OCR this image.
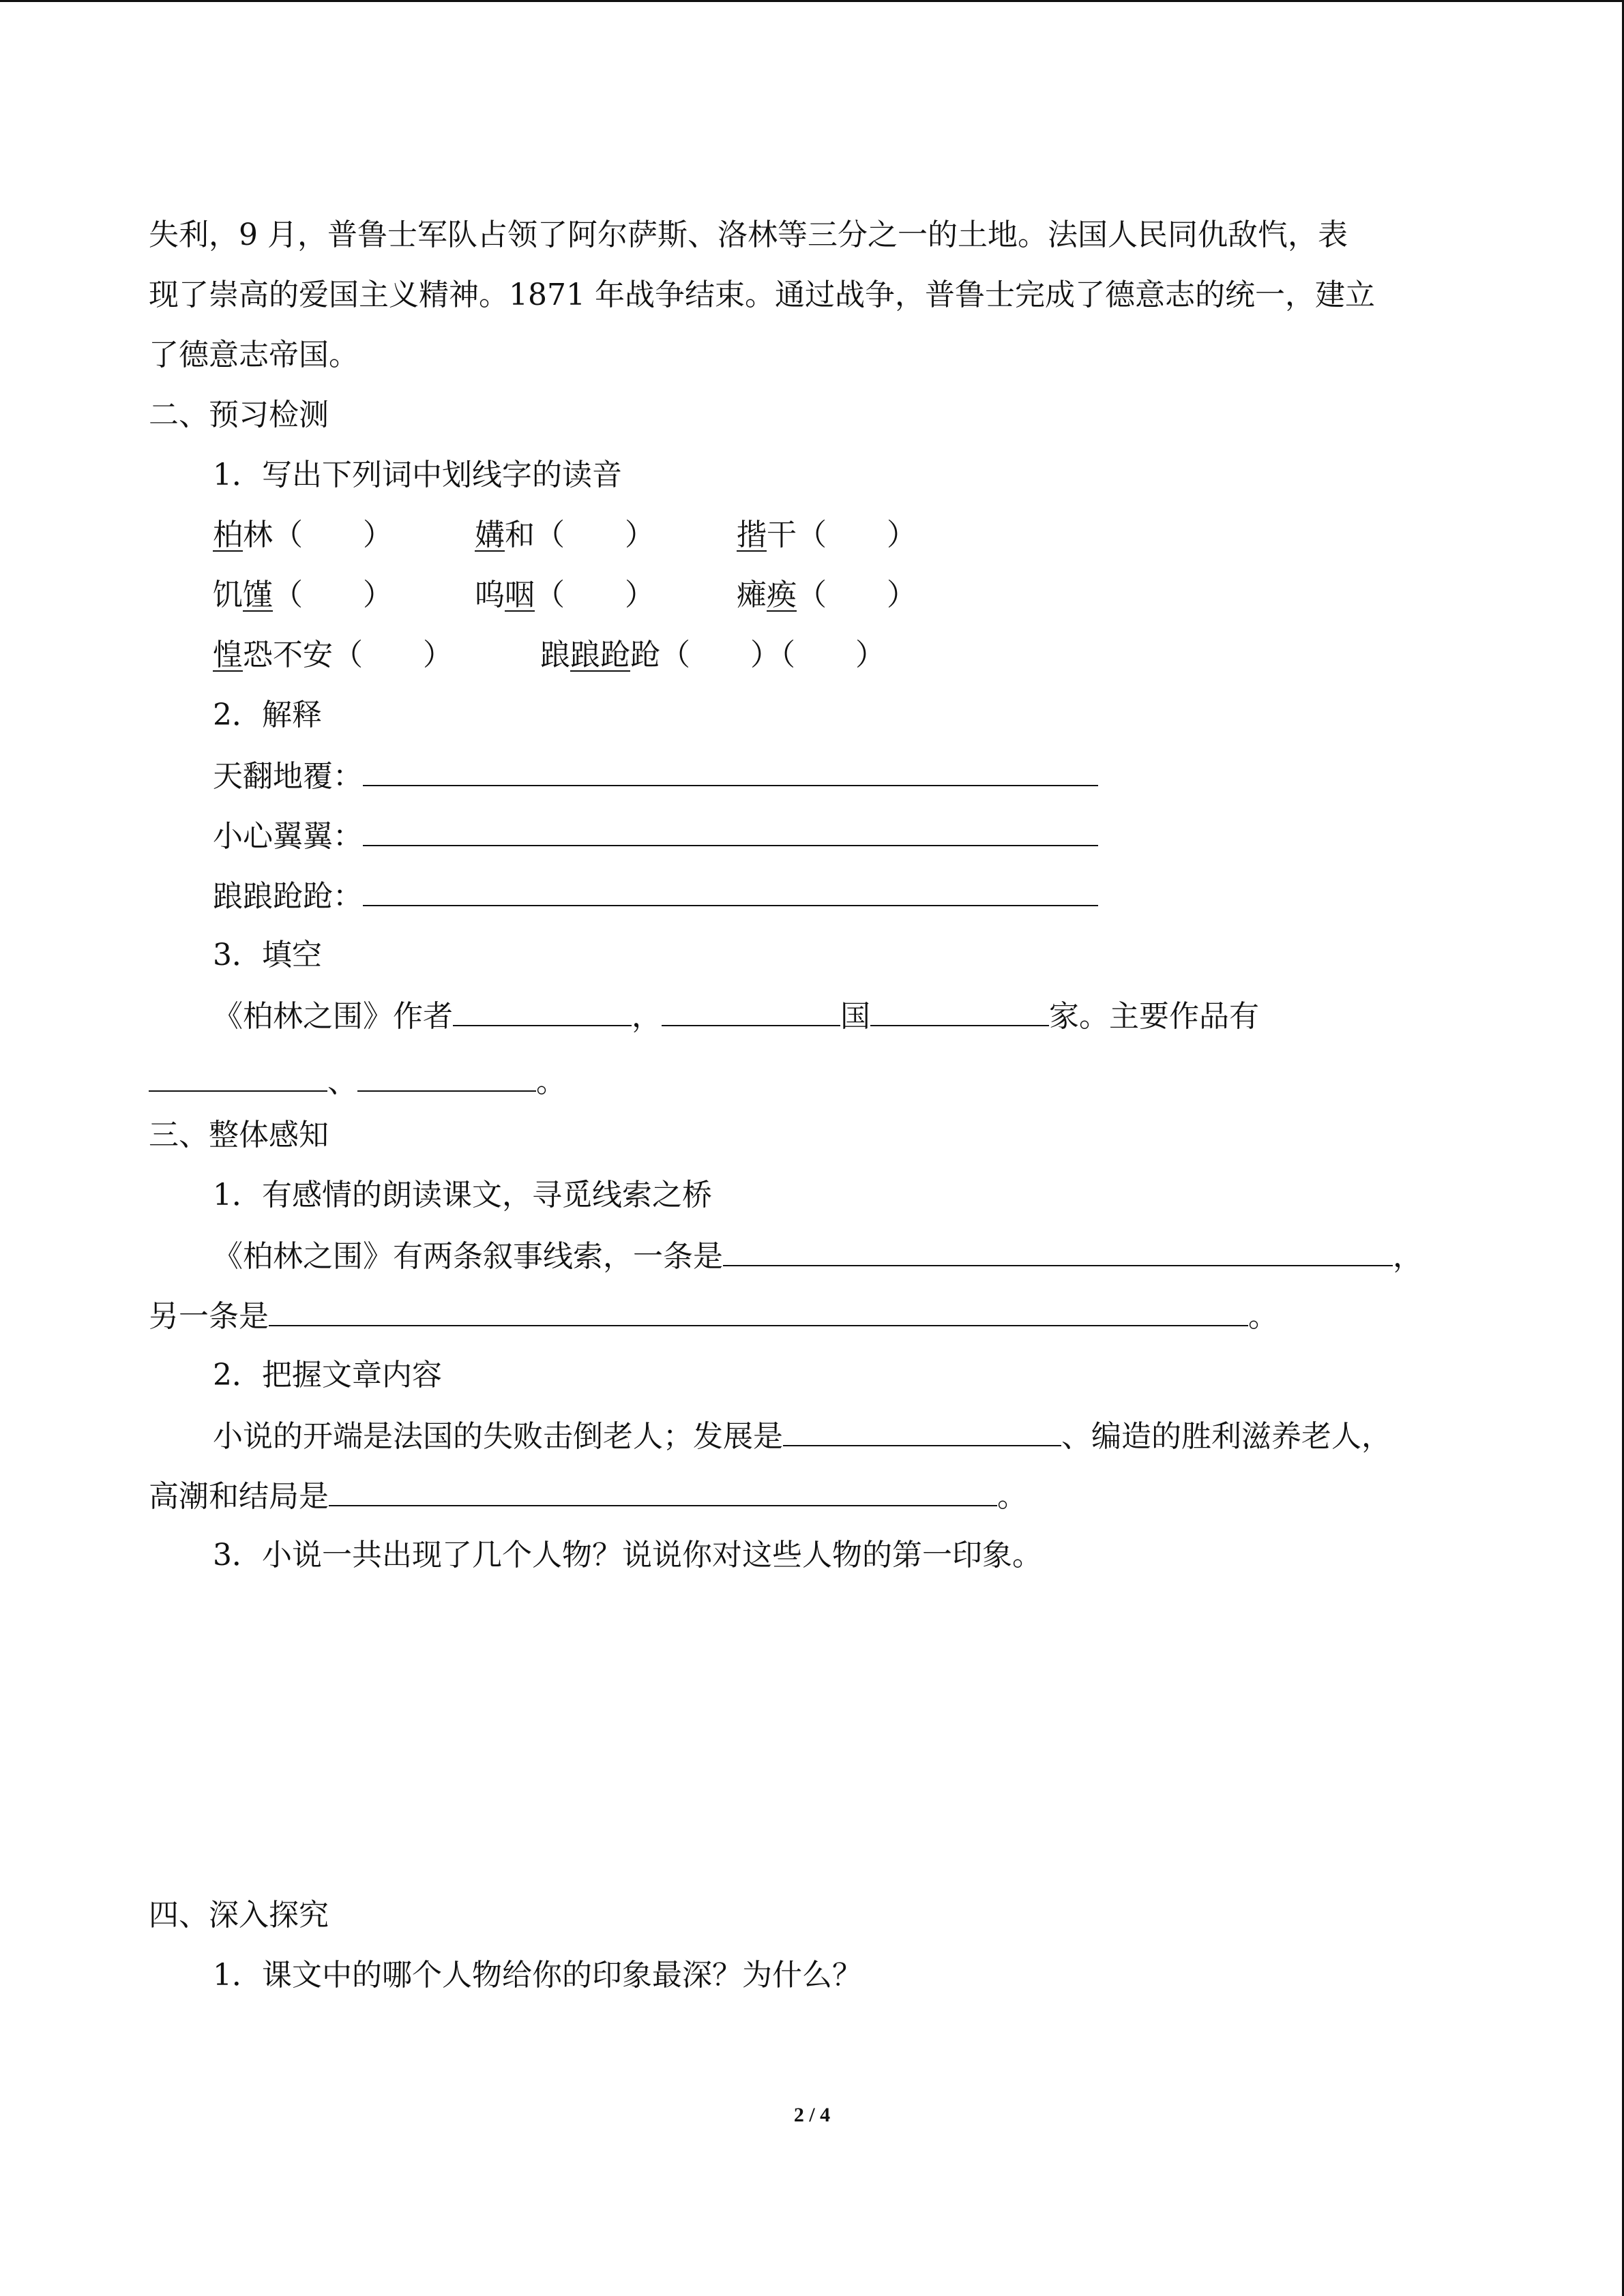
失利，9 月，普鲁士军队占领了阿尔萨斯、洛林等三分之一的土地。法国人民同仇敌忾，表
现了崇高的爱国主义精神。1871 年战争结束。通过战争，普鲁士完成了德意志的统一，建立
了德意志帝国。
二、预习检测
1．写出下列词中划线字的读音
柏林（　　）	媾和（　　）	揩干（　　）
饥馑（　　）	呜咽（　　）	瘫痪（　　）
惶恐不安（　　）	踉踉跄跄（　　）（　　）
2．解释
天翻地覆：
小心翼翼：
踉踉跄跄：
3．填空
《柏林之围》作者	，	国	家。主要作品有
、	。
三、整体感知
1．有感情的朗读课文，寻觅线索之桥
《柏林之围》有两条叙事线索，一条是	，
另一条是	。
2．把握文章内容
小说的开端是法国的失败击倒老人；发展是	、编造的胜利滋养老人，
高潮和结局是	。
3．小说一共出现了几个人物？说说你对这些人物的第一印象。
四、深入探究
1．课文中的哪个人物给你的印象最深？为什么？
2 / 4
